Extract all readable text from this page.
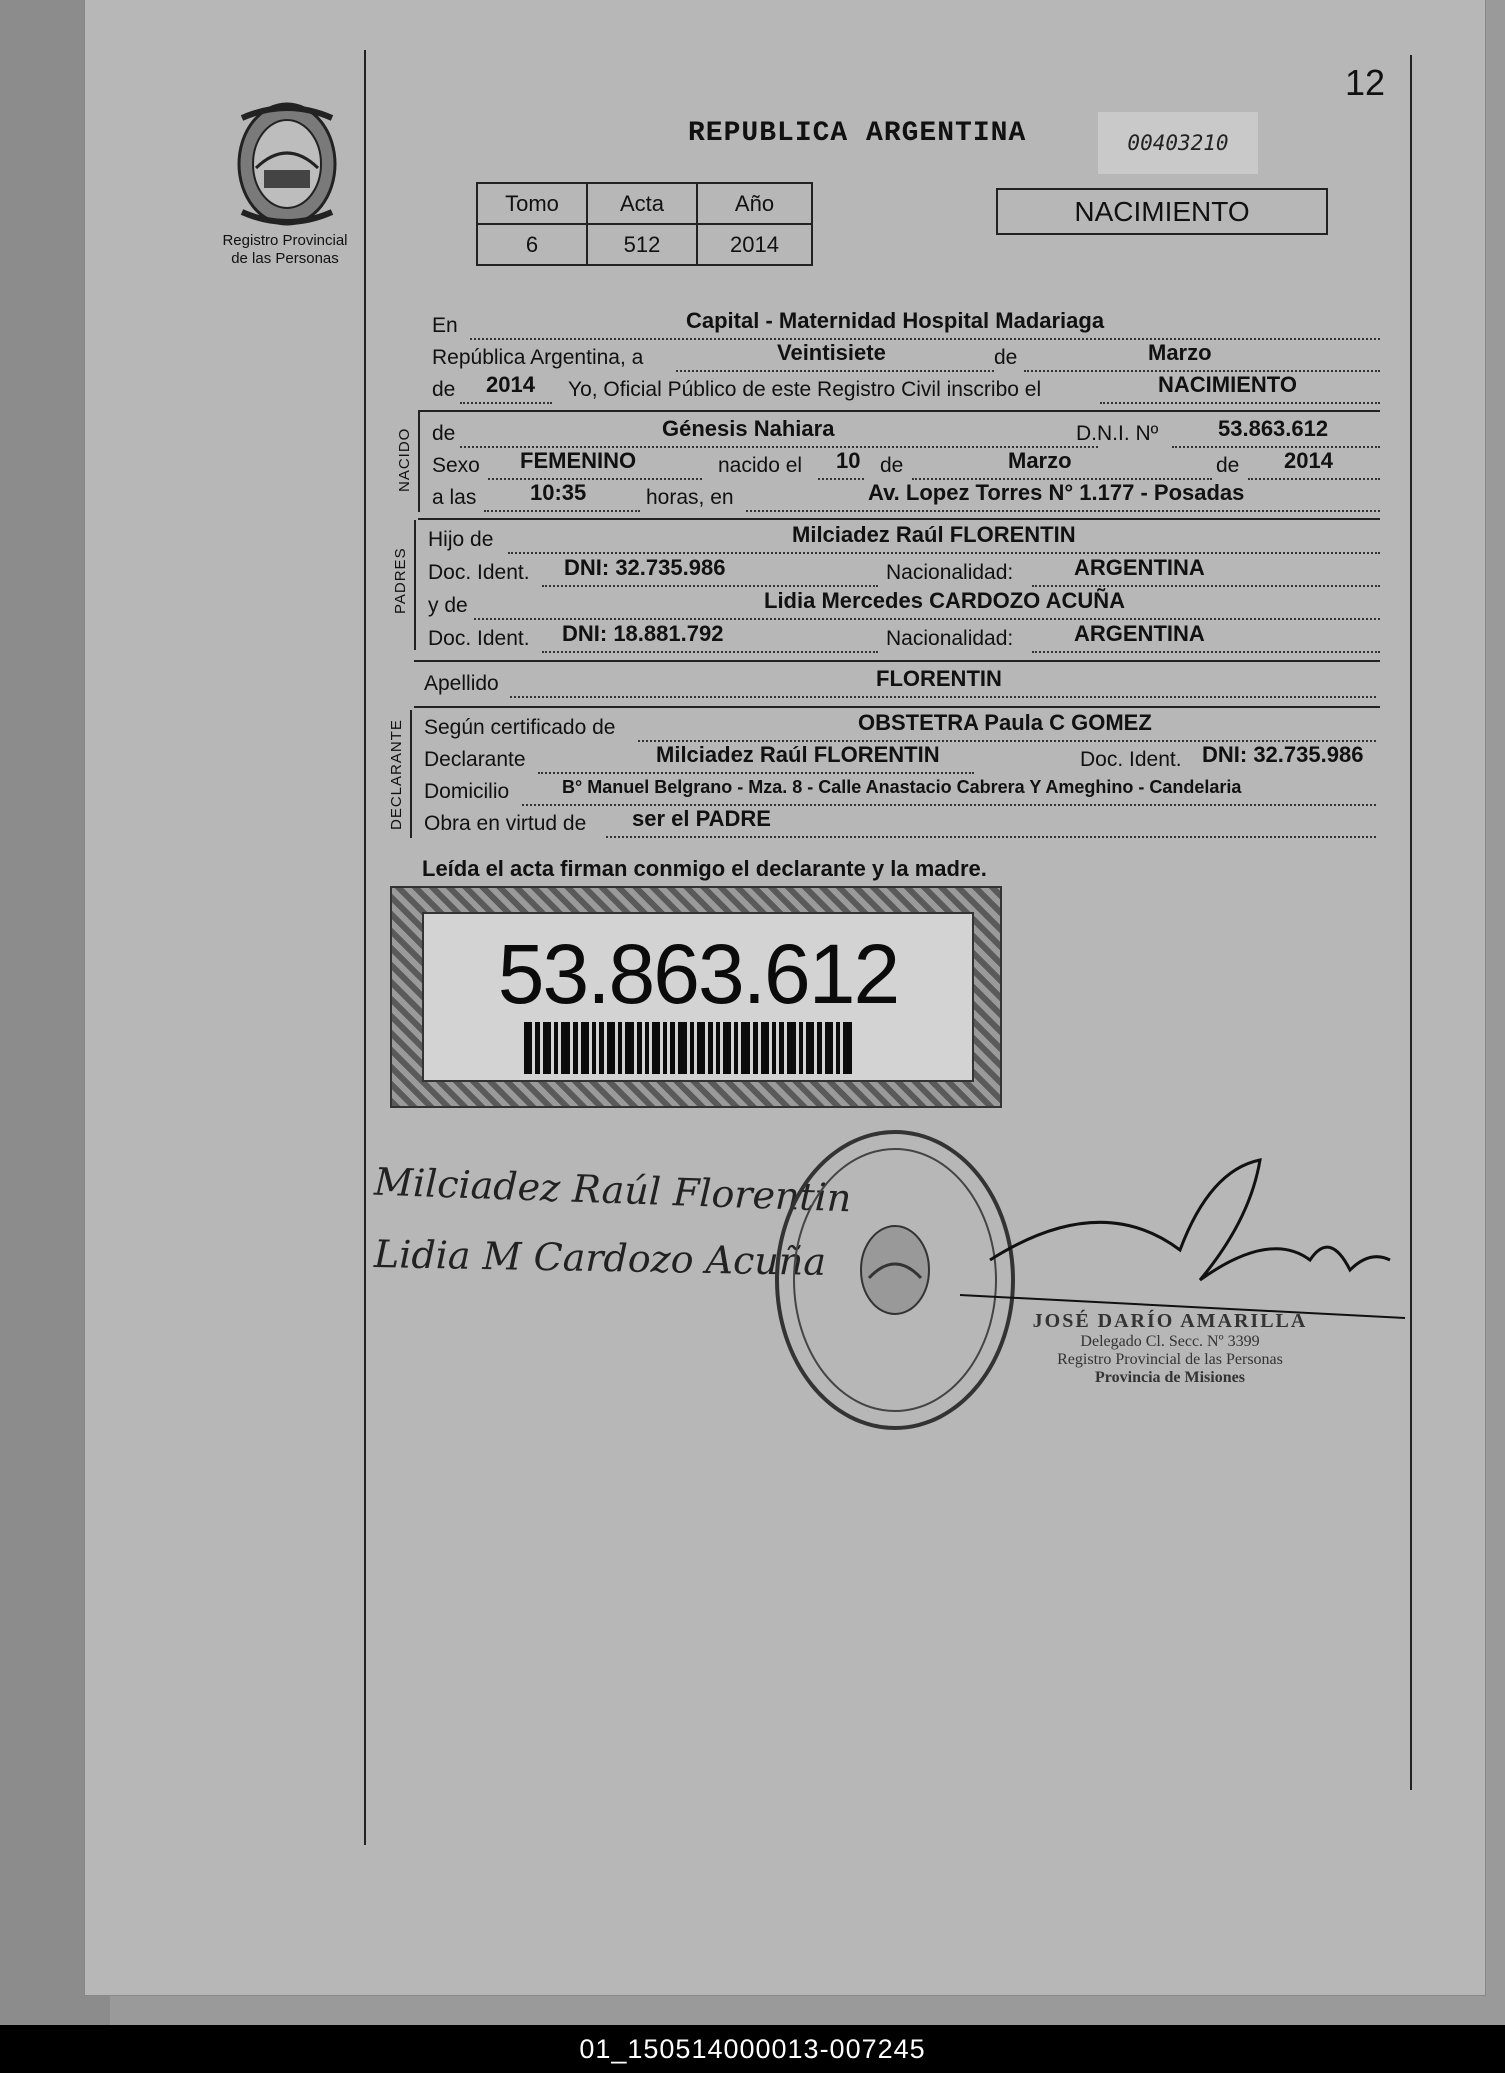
12
REPUBLICA ARGENTINA	00403210
Registro Provincial
de las Personas
Tomo	Acta	Año
6	512	2014
NACIMIENTO
En	Capital - Maternidad Hospital Madariaga
República Argentina, a	Veintisiete	de	Marzo
de 2014 Yo, Oficial Público de este Registro Civil inscribo el	NACIMIENTO
NACIDO de	Génesis Nahiara	D.N.I. Nº	53.863.612
Sexo FEMENINO	nacido el 10 de	Marzo	de 2014
a las 10:35	horas, en	Av. Lopez Torres N° 1.177 - Posadas
PADRES
Hijo de	Milciadez Raúl FLORENTIN
Doc. Ident. DNI: 32.735.986	Nacionalidad:	ARGENTINA
y de	Lidia Mercedes CARDOZO ACUÑA
Doc. Ident. DNI: 18.881.792	Nacionalidad:	ARGENTINA
Apellido	FLORENTIN
DECLARANTE Según certificado de	OBSTETRA Paula C GOMEZ
Declarante	Milciadez Raúl FLORENTIN	Doc. Ident. DNI: 32.735.986
Domicilio	B° Manuel Belgrano - Mza. 8 - Calle Anastacio Cabrera Y Ameghino - Candelaria
Obra en virtud de ser el PADRE
Leída el acta firman conmigo el declarante y la madre.
53.863.612
Milciadez Raúl Florentin
Lidia M Cardozo Acuña
JOSÉ DARÍO AMARILLA
Delegado Cl. Secc. Nº 3399
Registro Provincial de las Personas
Provincia de Misiones
01_150514000013-007245
